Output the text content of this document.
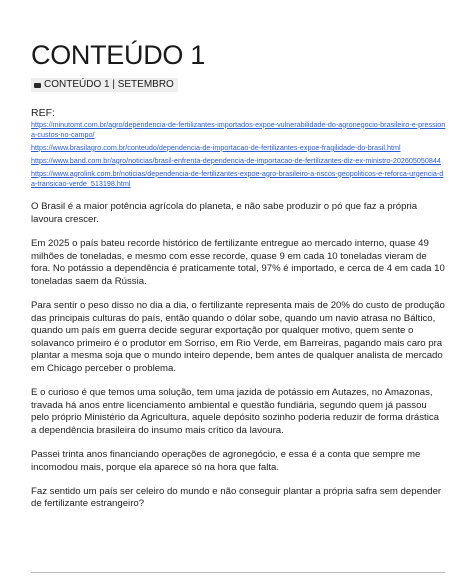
CONTEÚDO 1
CONTEÚDO 1 | SETEMBRO
REF:
https://minutomt.com.br/agro/dependencia-de-fertilizantes-importados-expoe-vulnerabilidade-do-agronegocio-brasileiro-e-pressiona-custos-no-campo/
https://www.brasilagro.com.br/conteudo/dependencia-de-importacao-de-fertilizantes-expoe-fragilidade-do-brasil.html
https://www.band.com.br/agro/noticias/brasil-enfrenta-dependencia-de-importacao-de-fertilizantes-diz-ex-ministro-202605050844
https://www.agrolink.com.br/noticias/dependencia-de-fertilizantes-expoe-agro-brasileiro-a-riscos-geopoliticos-e-reforca-urgencia-da-transicao-verde_513198.html

O Brasil é a maior potência agrícola do planeta, e não sabe produzir o pó que faz a própria lavoura crescer.

Em 2025 o país bateu recorde histórico de fertilizante entregue ao mercado interno, quase 49 milhões de toneladas, e mesmo com esse recorde, quase 9 em cada 10 toneladas vieram de fora. No potássio a dependência é praticamente total, 97% é importado, e cerca de 4 em cada 10 toneladas saem da Rússia.

Para sentir o peso disso no dia a dia, o fertilizante representa mais de 20% do custo de produção das principais culturas do país, então quando o dólar sobe, quando um navio atrasa no Báltico, quando um país em guerra decide segurar exportação por qualquer motivo, quem sente o solavanco primeiro é o produtor em Sorriso, em Rio Verde, em Barreiras, pagando mais caro pra plantar a mesma soja que o mundo inteiro depende, bem antes de qualquer analista de mercado em Chicago perceber o problema.

E o curioso é que temos uma solução, tem uma jazida de potássio em Autazes, no Amazonas, travada há anos entre licenciamento ambiental e questão fundiária, segundo quem já passou pelo próprio Ministério da Agricultura, aquele depósito sozinho poderia reduzir de forma drástica a dependência brasileira do insumo mais crítico da lavoura.

Passei trinta anos financiando operações de agronegócio, e essa é a conta que sempre me incomodou mais, porque ela aparece só na hora que falta.

Faz sentido um país ser celeiro do mundo e não conseguir plantar a própria safra sem depender de fertilizante estrangeiro?
